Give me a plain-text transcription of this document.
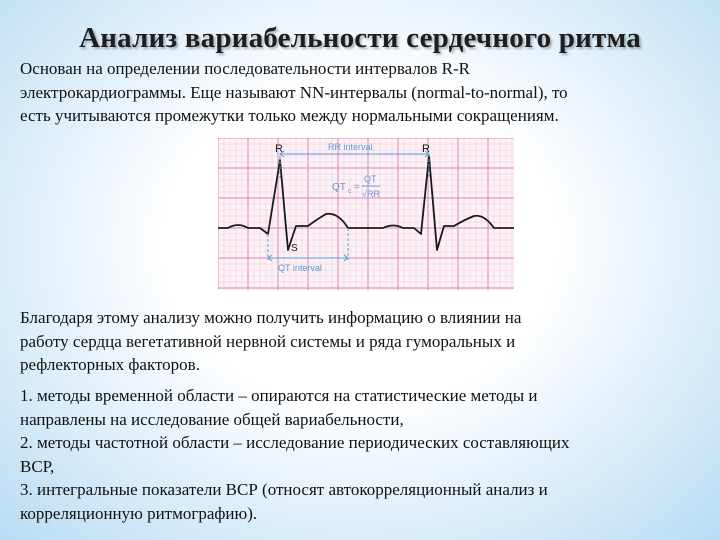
Анализ вариабельности сердечного ритма

Основан на определении последовательности интервалов R-R
электрокардиограммы. Еще называют NN-интервалы (normal-to-normal), то
есть учитываются промежутки только между нормальными сокращениям.

R	R
RR interval
S
QT interval
QT c =
QT
√RR

Благодаря этому анализу можно получить информацию о влиянии на
работу сердца вегетативной нервной системы и ряда гуморальных и
рефлекторных факторов.

1. методы временной области – опираются на статистические методы и
направлены на исследование общей вариабельности,
2. методы частотной области – исследование периодических составляющих
ВСР,
3. интегральные показатели ВСР (относят автокорреляционный анализ и
корреляционную ритмографию).
